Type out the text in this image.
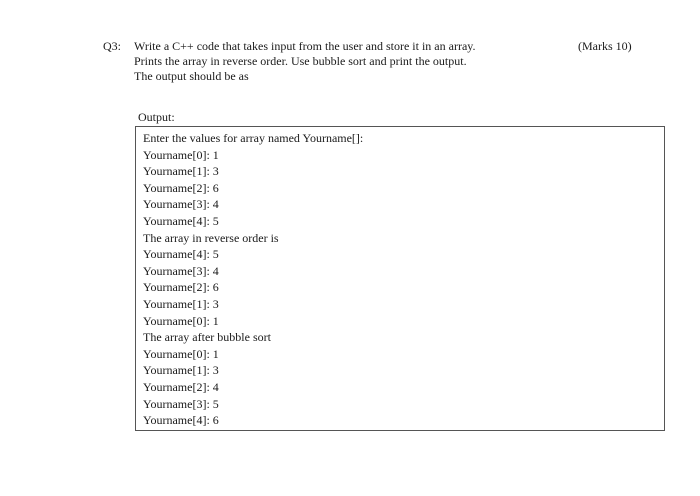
Q3: Write a C++ code that takes input from the user and store it in an array.
Prints the array in reverse order. Use bubble sort and print the output.
The output should be as
(Marks 10)
Output:
Enter the values for array named Yourname[]:
Yourname[0]: 1
Yourname[1]: 3
Yourname[2]: 6
Yourname[3]: 4
Yourname[4]: 5
The array in reverse order is
Yourname[4]: 5
Yourname[3]: 4
Yourname[2]: 6
Yourname[1]: 3
Yourname[0]: 1
The array after bubble sort
Yourname[0]: 1
Yourname[1]: 3
Yourname[2]: 4
Yourname[3]: 5
Yourname[4]: 6
